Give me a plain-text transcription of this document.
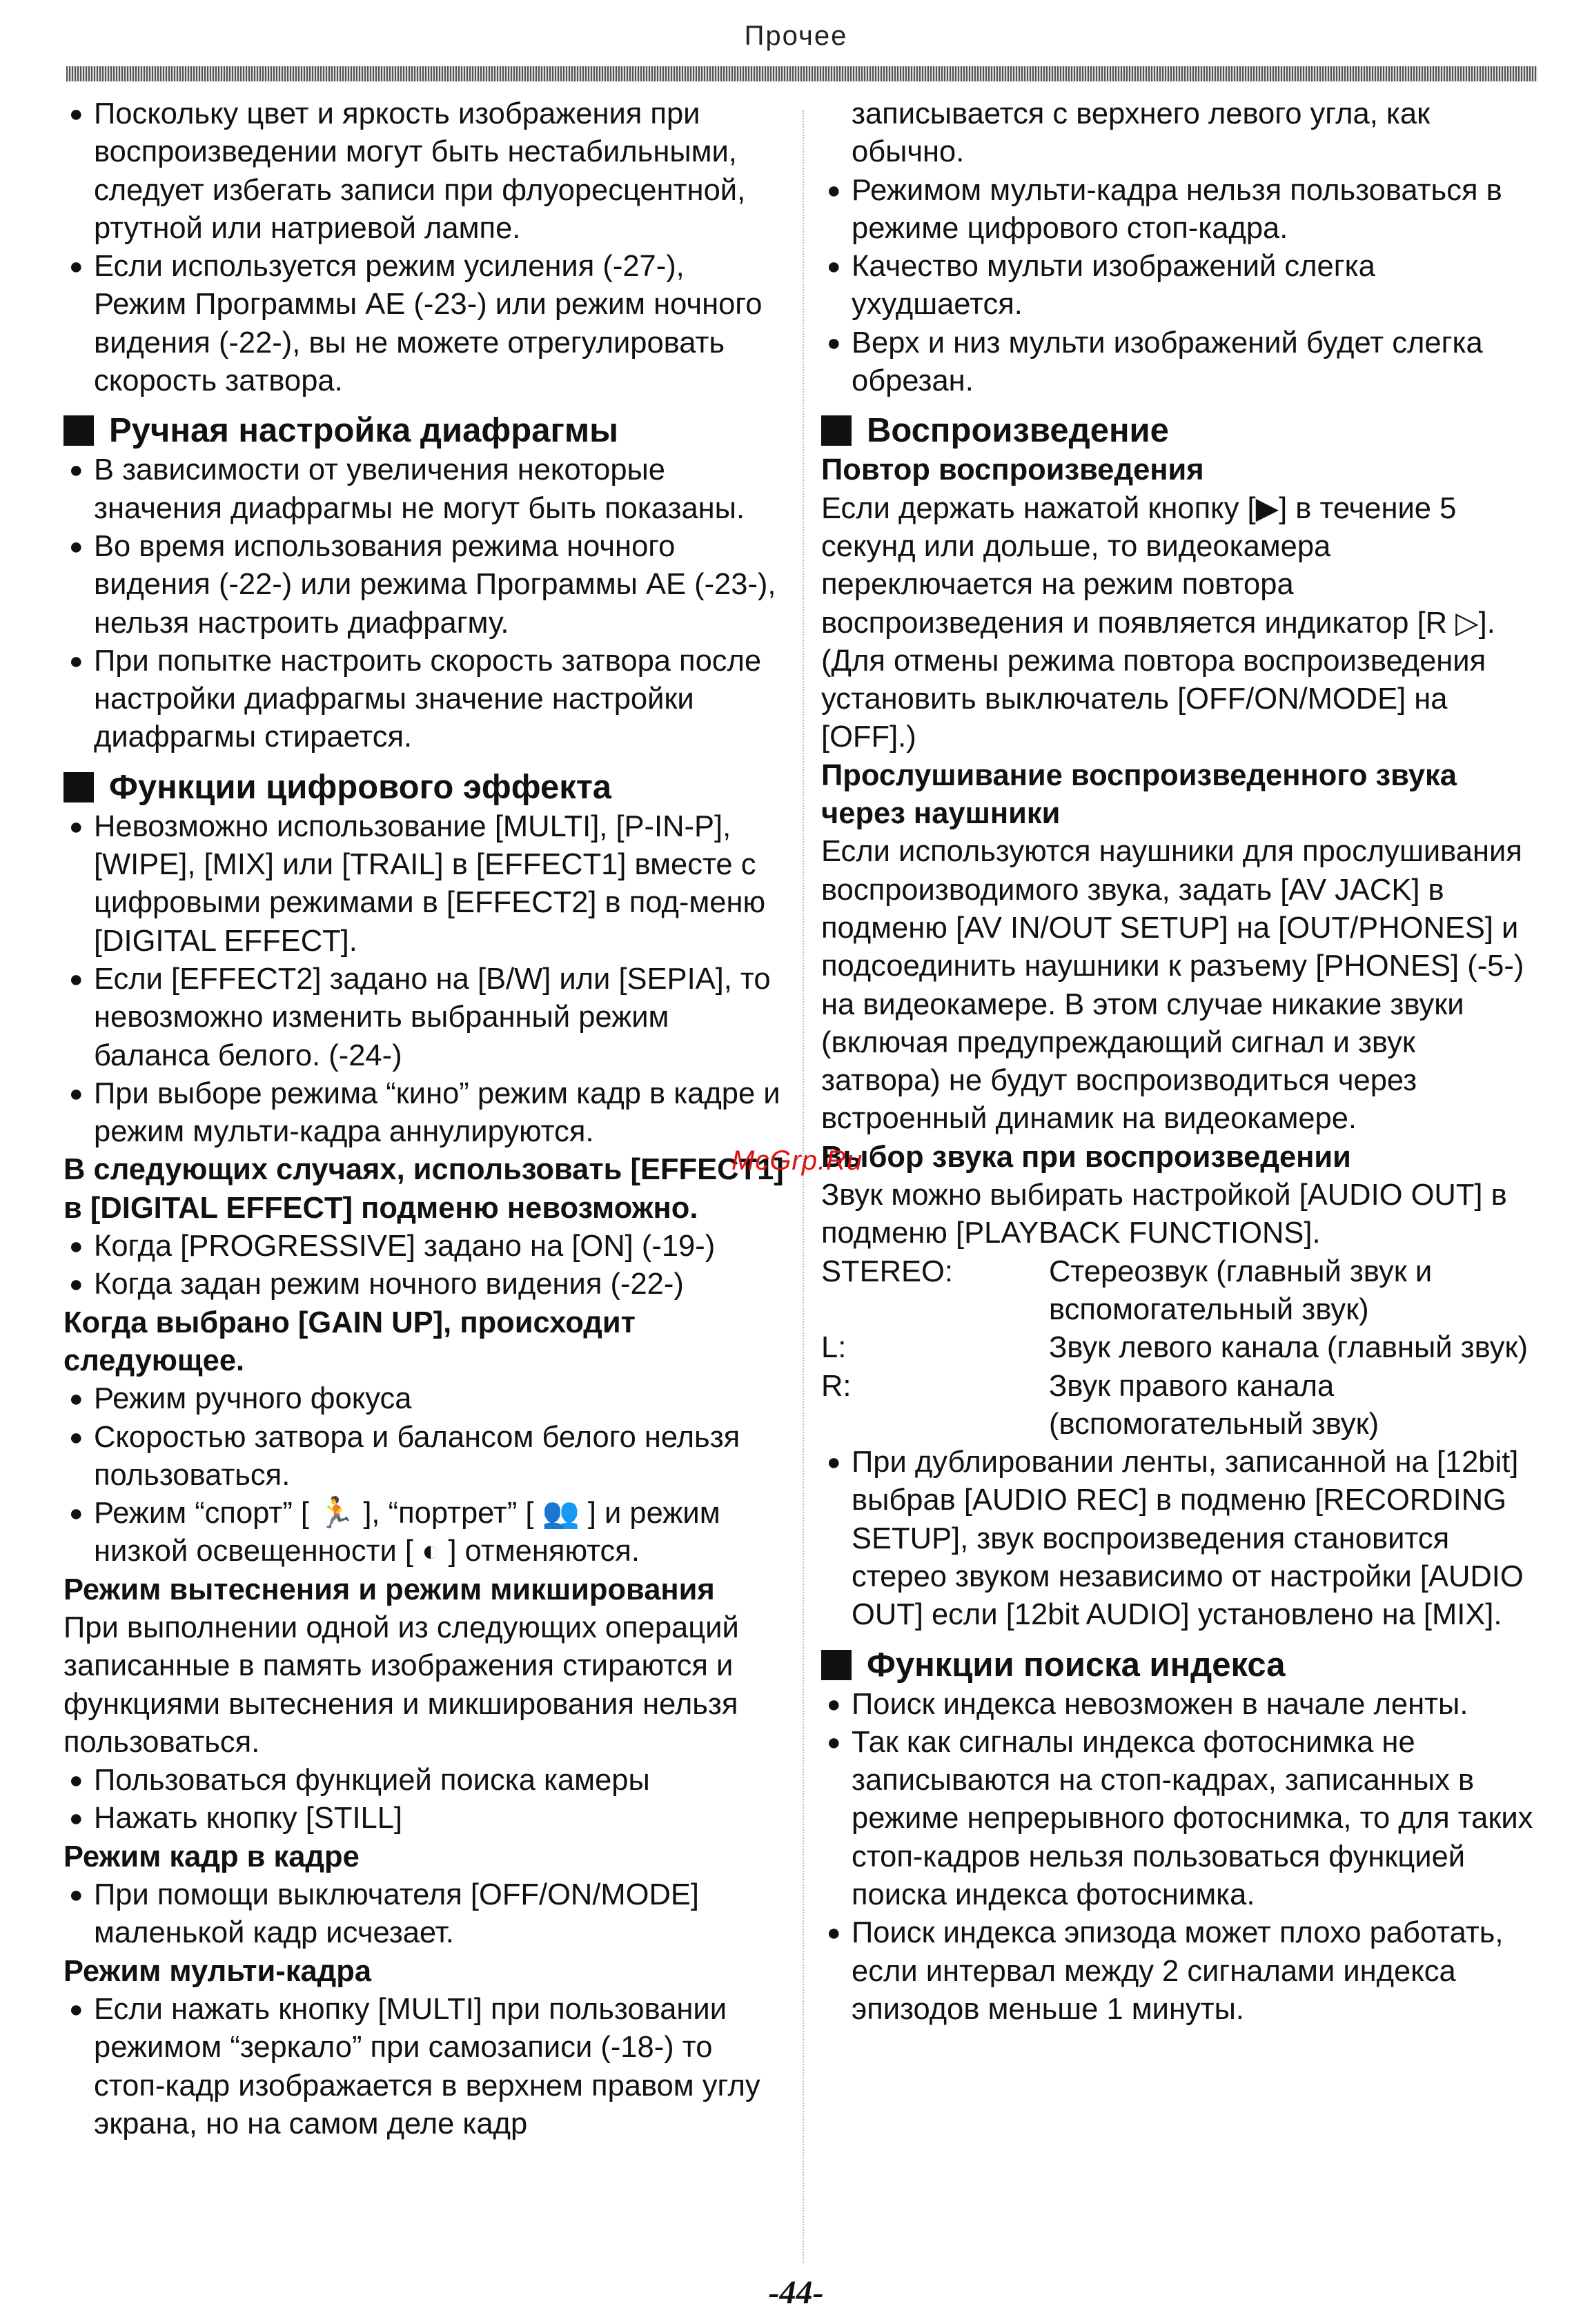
Прочее

● Поскольку цвет и яркость изображения при воспроизведении могут быть нестабильными, следует избегать записи при флуоресцентной, ртутной или натриевой лампе.

● Если используется режим усиления (-27-), Режим Программы АЕ (-23-) или режим ночного видения (-22-), вы не можете отрегулировать скорость затвора.

Ручная настройка диафрагмы

● В зависимости от увеличения некоторые значения диафрагмы не могут быть показаны.

● Во время использования режима ночного видения (-22-) или режима Программы АЕ (-23-), нельзя настроить диафрагму.

● При попытке настроить скорость затвора после настройки диафрагмы значение настройки диафрагмы стирается.

Функции цифрового эффекта

● Невозможно использование [MULTI], [P-IN-P], [WIPE], [MIX] или [TRAIL] в [EFFECT1] вместе с цифровыми режимами в [EFFECT2] в под-меню [DIGITAL EFFECT].

● Если [EFFECT2] задано на [B/W] или [SEPIA], то невозможно изменить выбранный режим баланса белого. (-24-)

● При выборе режима “кино” режим кадр в кадре и режим мульти-кадра аннулируются.

В следующих случаях, использовать [EFFECT1] в [DIGITAL EFFECT] подменю невозможно.

● Когда [PROGRESSIVE] задано на [ON] (-19-)

● Когда задан режим ночного видения (-22-)

Когда выбрано [GAIN UP], происходит следующее.

● Режим ручного фокуса

● Скоростью затвора и балансом белого нельзя пользоваться.

● Режим “спорт” [ 🏃 ], “портрет” [ 👥 ] и режим низкой освещенности [ ◐ ] отменяются.

Режим вытеснения и режим микширования

При выполнении одной из следующих операций записанные в память изображения стираются и функциями вытеснения и микширования нельзя пользоваться.

● Пользоваться функцией поиска камеры

● Нажать кнопку [STILL]

Режим кадр в кадре

● При помощи выключателя [OFF/ON/MODE] маленькой кадр исчезает.

Режим мульти-кадра

● Если нажать кнопку [MULTI] при пользовании режимом “зеркало” при самозаписи (-18-) то стоп-кадр изображается в верхнем правом углу экрана, но на самом деле кадр

записывается с верхнего левого угла, как обычно.

● Режимом мульти-кадра нельзя пользоваться в режиме цифрового стоп-кадра.

● Качество мульти изображений слегка ухудшается.

● Верх и низ мульти изображений будет слегка обрезан.

Воспроизведение

Повтор воспроизведения

Если держать нажатой кнопку [▶] в течение 5 секунд или дольше, то видеокамера переключается на режим повтора воспроизведения и появляется индикатор [R ▷]. (Для отмены режима повтора воспроизведения установить выключатель [OFF/ON/MODE] на [OFF].)

Прослушивание воспроизведенного звука через наушники

Если используются наушники для прослушивания воспроизводимого звука, задать [AV JACK] в подменю [AV IN/OUT SETUP] на [OUT/PHONES] и подсоединить наушники к разъему [PHONES] (-5-) на видеокамере. В этом случае никакие звуки (включая предупреждающий сигнал и звук затвора) не будут воспроизводиться через встроенный динамик на видеокамере.

Выбор звука при воспроизведении

Звук можно выбирать настройкой [AUDIO OUT] в подменю [PLAYBACK FUNCTIONS].

STEREO:	Стереозвук (главный звук и вспомогательный звук)
L:	Звук левого канала (главный звук)
R:	Звук правого канала (вспомогательный звук)

● При дублировании ленты, записанной на [12bit] выбрав [AUDIO REC] в подменю [RECORDING SETUP], звук воспроизведения становится стерео звуком независимо от настройки [AUDIO OUT] если [12bit AUDIO] установлено на [MIX].

Функции поиска индекса

● Поиск индекса невозможен в начале ленты.

● Так как сигналы индекса фотоснимка не записываются на стоп-кадрах, записанных в режиме непрерывного фотоснимка, то для таких стоп-кадров нельзя пользоваться функцией поиска индекса фотоснимка.

● Поиск индекса эпизода может плохо работать, если интервал между 2 сигналами индекса эпизодов меньше 1 минуты.

McGrp.Ru
-44-
